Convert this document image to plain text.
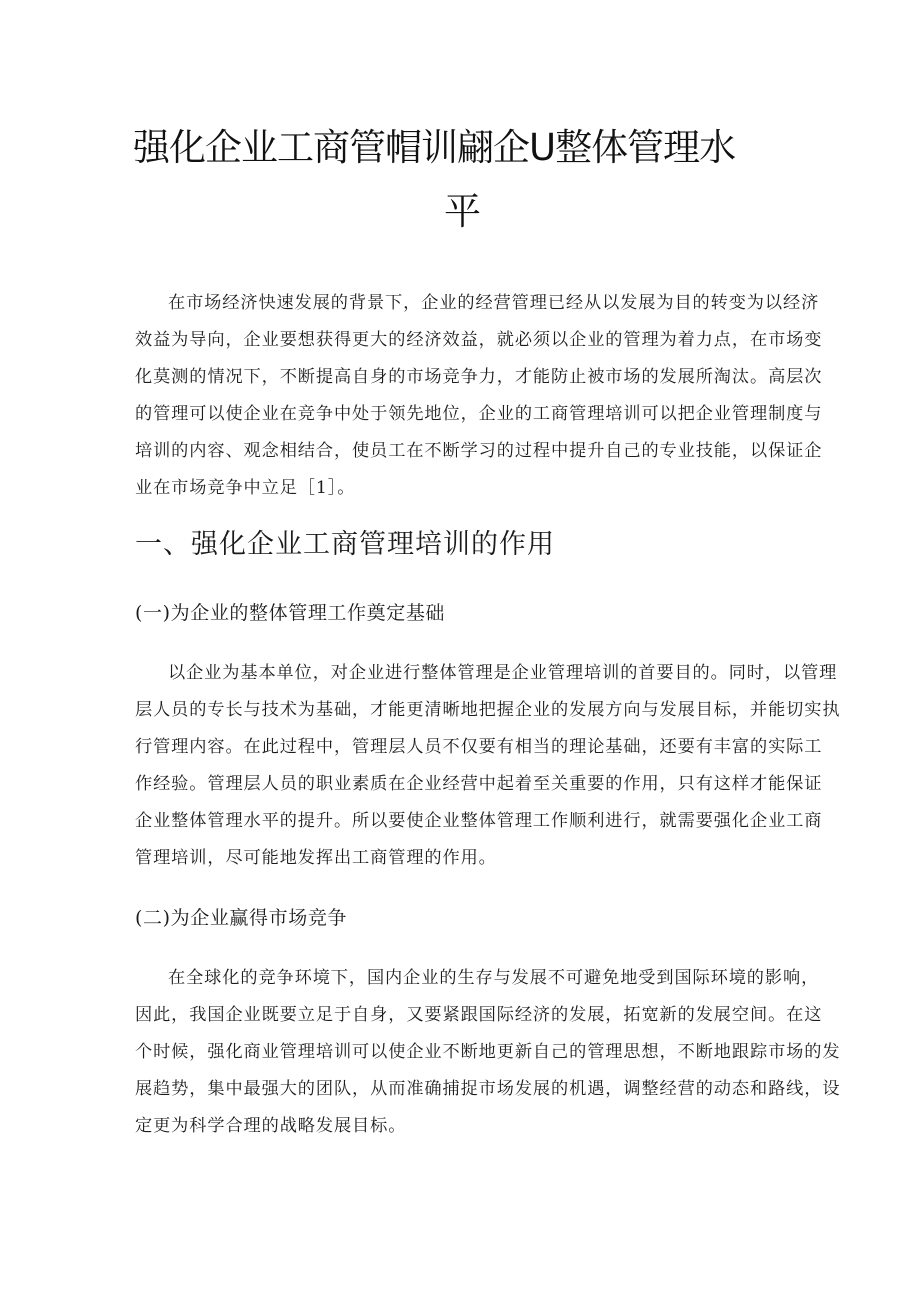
强化企业工商管帽训翩企U整体管理水
平
在市场经济快速发展的背景下，企业的经营管理已经从以发展为目的转变为以经济
效益为导向，企业要想获得更大的经济效益，就必须以企业的管理为着力点，在市场变
化莫测的情况下，不断提高自身的市场竞争力，才能防止被市场的发展所淘汰。高层次
的管理可以使企业在竞争中处于领先地位，企业的工商管理培训可以把企业管理制度与
培训的内容、观念相结合，使员工在不断学习的过程中提升自己的专业技能，以保证企
业在市场竞争中立足［1］。
一、强化企业工商管理培训的作用
(一)为企业的整体管理工作奠定基础
以企业为基本单位，对企业进行整体管理是企业管理培训的首要目的。同时，以管理
层人员的专长与技术为基础，才能更清晰地把握企业的发展方向与发展目标，并能切实执
行管理内容。在此过程中，管理层人员不仅要有相当的理论基础，还要有丰富的实际工
作经验。管理层人员的职业素质在企业经营中起着至关重要的作用，只有这样才能保证
企业整体管理水平的提升。所以要使企业整体管理工作顺利进行，就需要强化企业工商
管理培训，尽可能地发挥出工商管理的作用。
(二)为企业赢得市场竞争
在全球化的竞争环境下，国内企业的生存与发展不可避免地受到国际环境的影响，
因此，我国企业既要立足于自身，又要紧跟国际经济的发展，拓宽新的发展空间。在这
个时候，强化商业管理培训可以使企业不断地更新自己的管理思想，不断地跟踪市场的发
展趋势，集中最强大的团队，从而准确捕捉市场发展的机遇，调整经营的动态和路线，设
定更为科学合理的战略发展目标。
